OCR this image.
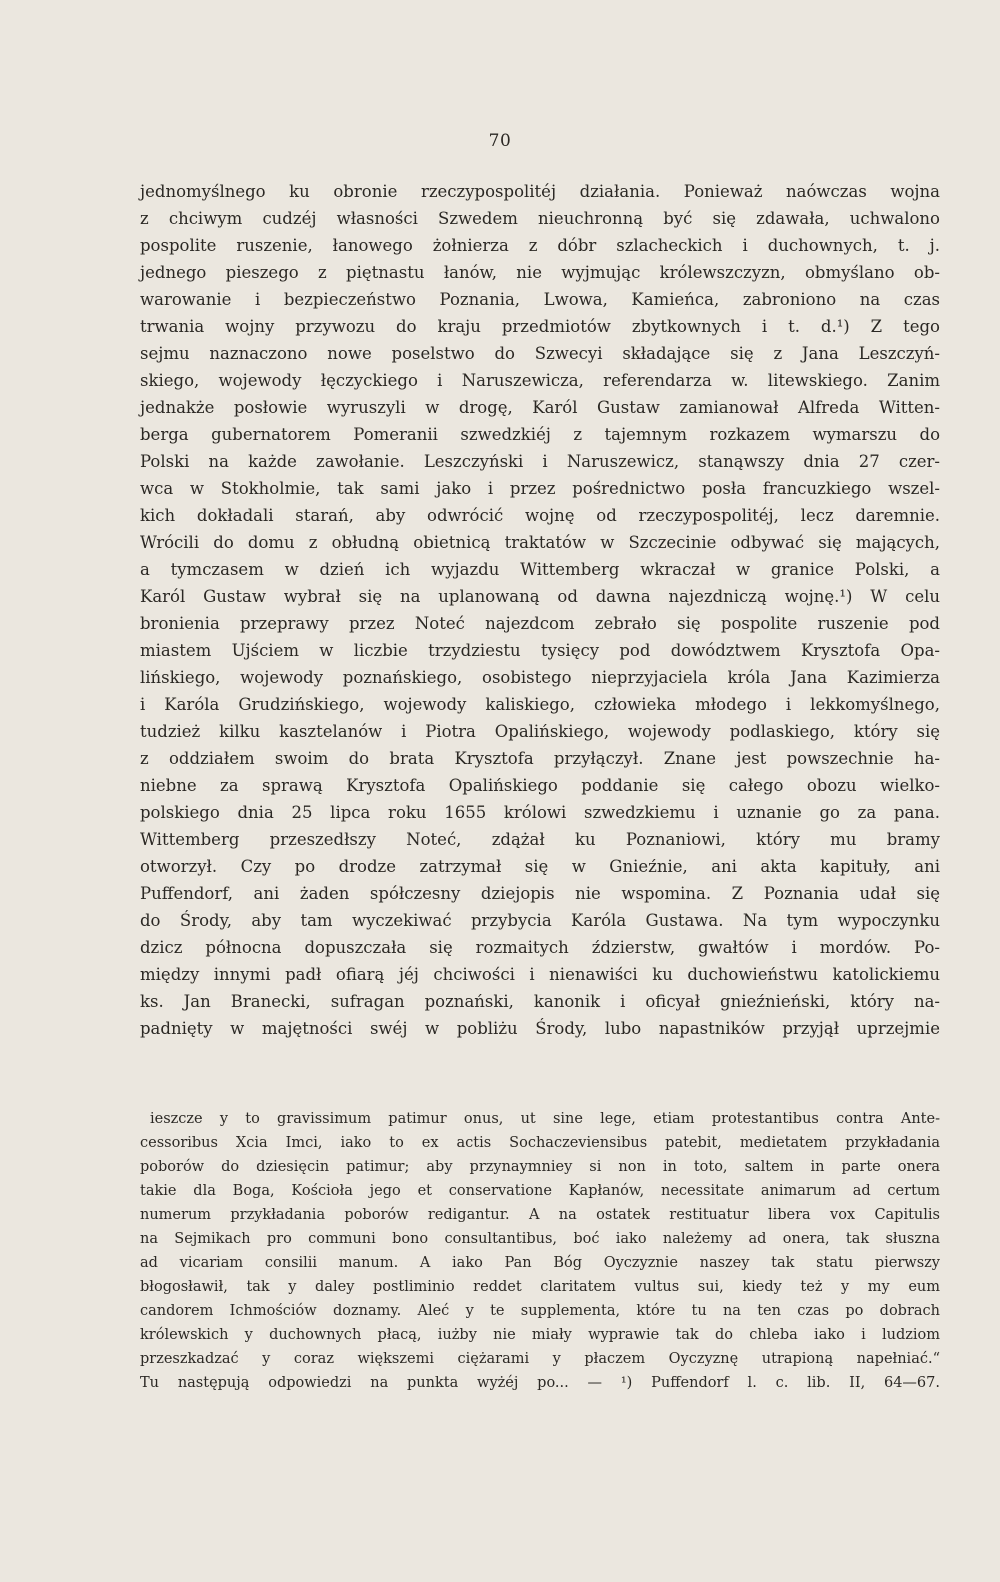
70
jednomyślnego ku obronie rzeczypospolitéj działania. Ponieważ naówczas wojna
z chciwym cudzéj własności Szwedem nieuchronną być się zdawała, uchwalono
pospolite ruszenie, łanowego żołnierza z dóbr szlacheckich i duchownych, t. j.
jednego pieszego z piętnastu łanów, nie wyjmując królewszczyzn, obmyślano ob-
warowanie i bezpieczeństwo Poznania, Lwowa, Kamieńca, zabroniono na czas
trwania wojny przywozu do kraju przedmiotów zbytkownych i t. d.¹) Z tego
sejmu naznaczono nowe poselstwo do Szwecyi składające się z Jana Leszczyń-
skiego, wojewody łęczyckiego i Naruszewicza, referendarza w. litewskiego. Zanim
jednakże posłowie wyruszyli w drogę, Karól Gustaw zamianował Alfreda Witten-
berga gubernatorem Pomeranii szwedzkiéj z tajemnym rozkazem wymarszu do
Polski na każde zawołanie. Leszczyński i Naruszewicz, stanąwszy dnia 27 czer-
wca w Stokholmie, tak sami jako i przez pośrednictwo posła francuzkiego wszel-
kich dokładali starań, aby odwrócić wojnę od rzeczypospolitéj, lecz daremnie.
Wrócili do domu z obłudną obietnicą traktatów w Szczecinie odbywać się mających,
a tymczasem w dzień ich wyjazdu Wittemberg wkraczał w granice Polski, a
Karól Gustaw wybrał się na uplanowaną od dawna najezdniczą wojnę.¹) W celu
bronienia przeprawy przez Noteć najezdcom zebrało się pospolite ruszenie pod
miastem Ujściem w liczbie trzydziestu tysięcy pod dowództwem Krysztofa Opa-
lińskiego, wojewody poznańskiego, osobistego nieprzyjaciela króla Jana Kazimierza
i Karóla Grudzińskiego, wojewody kaliskiego, człowieka młodego i lekkomyślnego,
tudzież kilku kasztelanów i Piotra Opalińskiego, wojewody podlaskiego, który się
z oddziałem swoim do brata Krysztofa przyłączył. Znane jest powszechnie ha-
niebne za sprawą Krysztofa Opalińskiego poddanie się całego obozu wielko-
polskiego dnia 25 lipca roku 1655 królowi szwedzkiemu i uznanie go za pana.
Wittemberg przeszedłszy Noteć, zdążał ku Poznaniowi, który mu bramy
otworzył. Czy po drodze zatrzymał się w Gnieźnie, ani akta kapituły, ani
Puffendorf, ani żaden spółczesny dziejopis nie wspomina. Z Poznania udał się
do Środy, aby tam wyczekiwać przybycia Karóla Gustawa. Na tym wypoczynku
dzicz północna dopuszczała się rozmaitych ździerstw, gwałtów i mordów. Po-
między innymi padł ofiarą jéj chciwości i nienawiści ku duchowieństwu katolickiemu
ks. Jan Branecki, sufragan poznański, kanonik i oficyał gnieźnieński, który na-
padnięty w majętności swéj w pobliżu Środy, lubo napastników przyjął uprzejmie
ieszcze y to gravissimum patimur onus, ut sine lege, etiam protestantibus contra Ante-
cessoribus Xcia Imci, iako to ex actis Sochaczeviensibus patebit, medietatem przykładania
poborów do dziesięcin patimur; aby przynaymniey si non in toto, saltem in parte onera
takie dla Boga, Kościoła jego et conservatione Kapłanów, necessitate animarum ad certum
numerum przykładania poborów redigantur. A na ostatek restituatur libera vox Capitulis
na Sejmikach pro communi bono consultantibus, boć iako należemy ad onera, tak słuszna
ad vicariam consilii manum. A iako Pan Bóg Oyczyznie naszey tak statu pierwszy
błogosławił, tak y daley postliminio reddet claritatem vultus sui, kiedy też y my eum
candorem Ichmościów doznamy. Aleć y te supplementa, które tu na ten czas po dobrach
królewskich y duchownych płacą, iużby nie miały wyprawie tak do chleba iako i ludziom
przeszkadzać y coraz większemi ciężarami y płaczem Oyczyznę utrapioną napełniać.“
Tu następują odpowiedzi na punkta wyżéj po... — ¹) Puffendorf l. c. lib. II, 64—67.
